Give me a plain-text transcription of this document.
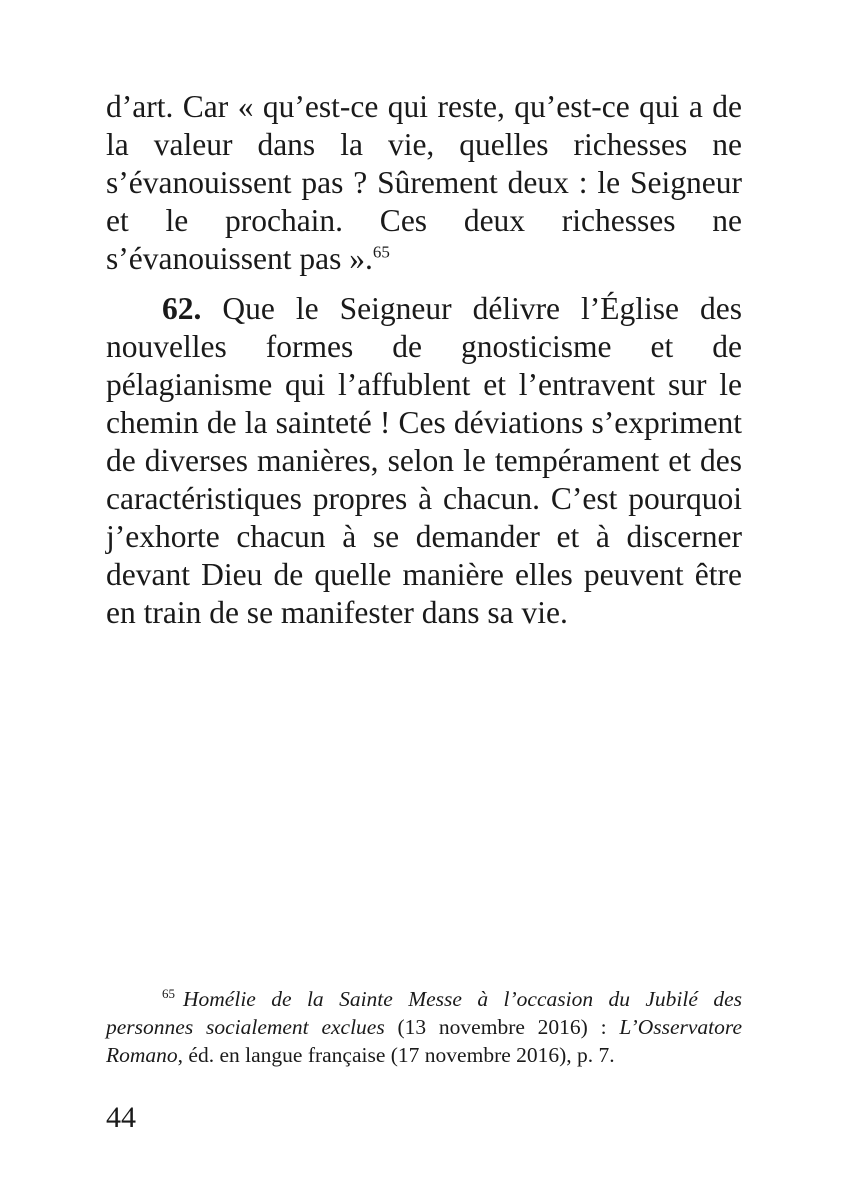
d’art. Car « qu’est-ce qui reste, qu’est-ce qui a de la valeur dans la vie, quelles richesses ne s’évanouissent pas ? Sûrement deux : le Seigneur et le prochain. Ces deux richesses ne s’évanouissent pas ».$^{65}$

62. Que le Seigneur délivre l’Église des nouvelles formes de gnosticisme et de pélagianisme qui l’affublent et l’entravent sur le chemin de la sainteté ! Ces déviations s’expriment de diverses manières, selon le tempérament et des caractéristiques propres à chacun. C’est pourquoi j’exhorte chacun à se demander et à discerner devant Dieu de quelle manière elles peuvent être en train de se manifester dans sa vie.

$^{65}$ Homélie de la Sainte Messe à l’occasion du Jubilé des personnes socialement exclues (13 novembre 2016) : L’Osservatore Romano, éd. en langue française (17 novembre 2016), p. 7.

44
